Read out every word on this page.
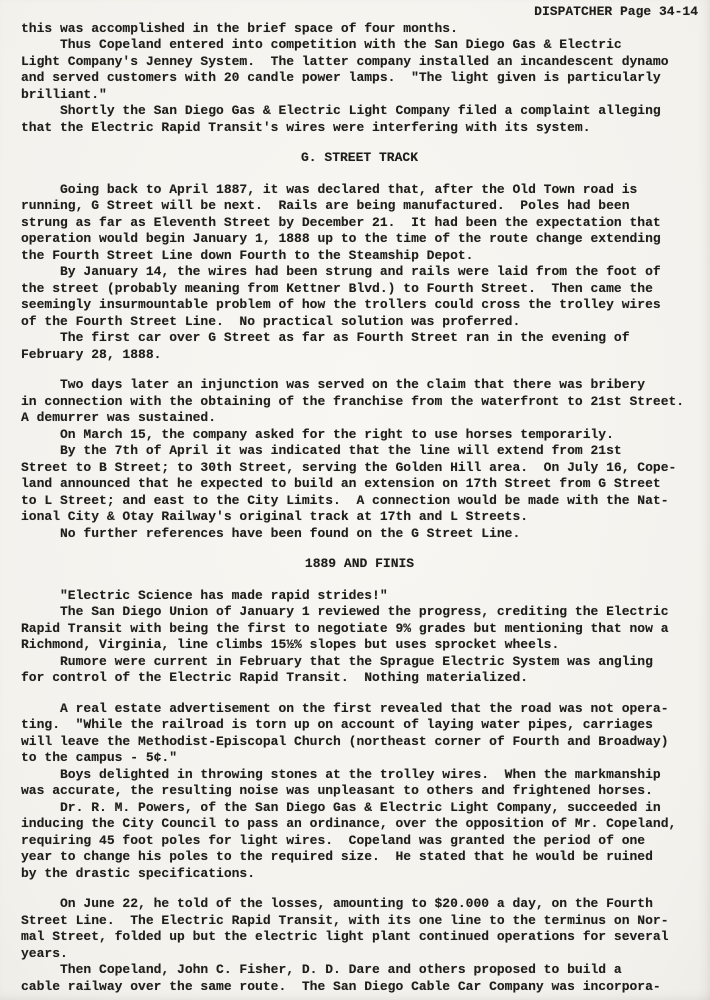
DISPATCHER Page 34-14
this was accomplished in the brief space of four months.
Thus Copeland entered into competition with the San Diego Gas & Electric
Light Company's Jenney System.  The latter company installed an incandescent dynamo
and served customers with 20 candle power lamps.  "The light given is particularly
brilliant."
Shortly the San Diego Gas & Electric Light Company filed a complaint alleging
that the Electric Rapid Transit's wires were interfering with its system.
G. STREET TRACK
Going back to April 1887, it was declared that, after the Old Town road is
running, G Street will be next.  Rails are being manufactured.  Poles had been
strung as far as Eleventh Street by December 21.  It had been the expectation that
operation would begin January 1, 1888 up to the time of the route change extending
the Fourth Street Line down Fourth to the Steamship Depot.
By January 14, the wires had been strung and rails were laid from the foot of
the street (probably meaning from Kettner Blvd.) to Fourth Street.  Then came the
seemingly insurmountable problem of how the trollers could cross the trolley wires
of the Fourth Street Line.  No practical solution was proferred.
The first car over G Street as far as Fourth Street ran in the evening of
February 28, 1888.
Two days later an injunction was served on the claim that there was bribery
in connection with the obtaining of the franchise from the waterfront to 21st Street.
A demurrer was sustained.
On March 15, the company asked for the right to use horses temporarily.
By the 7th of April it was indicated that the line will extend from 21st
Street to B Street; to 30th Street, serving the Golden Hill area.  On July 16, Cope-
land announced that he expected to build an extension on 17th Street from G Street
to L Street; and east to the City Limits.  A connection would be made with the Nat-
ional City & Otay Railway's original track at 17th and L Streets.
No further references have been found on the G Street Line.
1889 AND FINIS
"Electric Science has made rapid strides!"
The San Diego Union of January 1 reviewed the progress, crediting the Electric
Rapid Transit with being the first to negotiate 9% grades but mentioning that now a
Richmond, Virginia, line climbs 15½% slopes but uses sprocket wheels.
Rumore were current in February that the Sprague Electric System was angling
for control of the Electric Rapid Transit.  Nothing materialized.
A real estate advertisement on the first revealed that the road was not opera-
ting.  "While the railroad is torn up on account of laying water pipes, carriages
will leave the Methodist-Episcopal Church (northeast corner of Fourth and Broadway)
to the campus - 5¢."
Boys delighted in throwing stones at the trolley wires.  When the markmanship
was accurate, the resulting noise was unpleasant to others and frightened horses.
Dr. R. M. Powers, of the San Diego Gas & Electric Light Company, succeeded in
inducing the City Council to pass an ordinance, over the opposition of Mr. Copeland,
requiring 45 foot poles for light wires.  Copeland was granted the period of one
year to change his poles to the required size.  He stated that he would be ruined
by the drastic specifications.
On June 22, he told of the losses, amounting to $20.000 a day, on the Fourth
Street Line.  The Electric Rapid Transit, with its one line to the terminus on Nor-
mal Street, folded up but the electric light plant continued operations for several
years.
Then Copeland, John C. Fisher, D. D. Dare and others proposed to build a
cable railway over the same route.  The San Diego Cable Car Company was incorpora-
